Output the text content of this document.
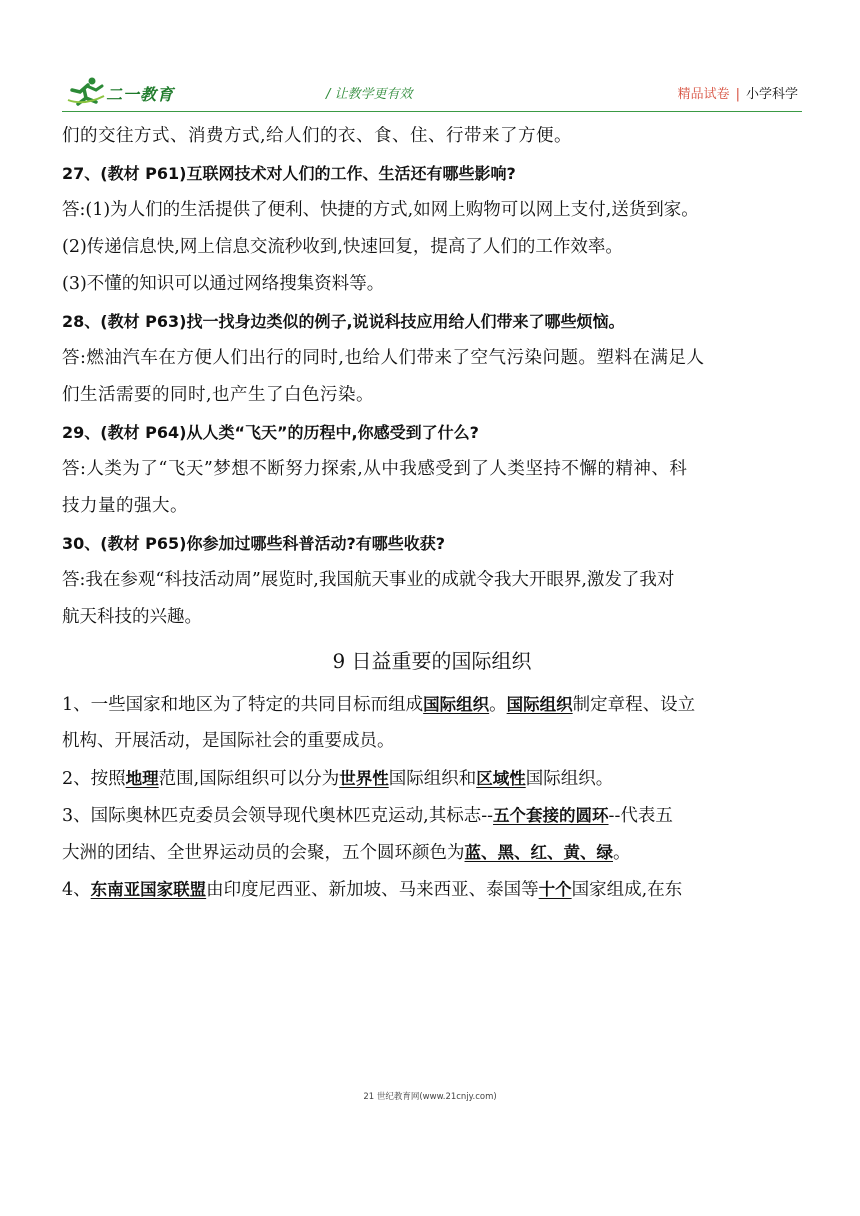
二一教育	/ 让教学更有效	精品试卷 | 小学科学

们的交往方式、消费方式,给人们的衣、食、住、行带来了方便。

27、(教材 P61)互联网技术对人们的工作、生活还有哪些影响?

答:(1)为人们的生活提供了便利、快捷的方式,如网上购物可以网上支付,送货到家。

(2)传递信息快,网上信息交流秒收到,快速回复，提高了人们的工作效率。

(3)不懂的知识可以通过网络搜集资料等。

28、(教材 P63)找一找身边类似的例子,说说科技应用给人们带来了哪些烦恼。

答:燃油汽车在方便人们出行的同时,也给人们带来了空气污染问题。塑料在满足人

们生活需要的同时,也产生了白色污染。

29、(教材 P64)从人类“飞天”的历程中,你感受到了什么?

答:人类为了“飞天”梦想不断努力探索,从中我感受到了人类坚持不懈的精神、科

技力量的强大。

30、(教材 P65)你参加过哪些科普活动?有哪些收获?

答:我在参观“科技活动周”展览时,我国航天事业的成就令我大开眼界,激发了我对

航天科技的兴趣。

9 日益重要的国际组织

1、一些国家和地区为了特定的共同目标而组成国际组织。国际组织制定章程、设立

机构、开展活动，是国际社会的重要成员。

2、按照地理范围,国际组织可以分为世界性国际组织和区域性国际组织。

3、国际奥林匹克委员会领导现代奥林匹克运动,其标志--五个套接的圆环--代表五

大洲的团结、全世界运动员的会聚，五个圆环颜色为蓝、黑、红、黄、绿。

4、东南亚国家联盟由印度尼西亚、新加坡、马来西亚、泰国等十个国家组成,在东

21 世纪教育网(www.21cnjy.com)
